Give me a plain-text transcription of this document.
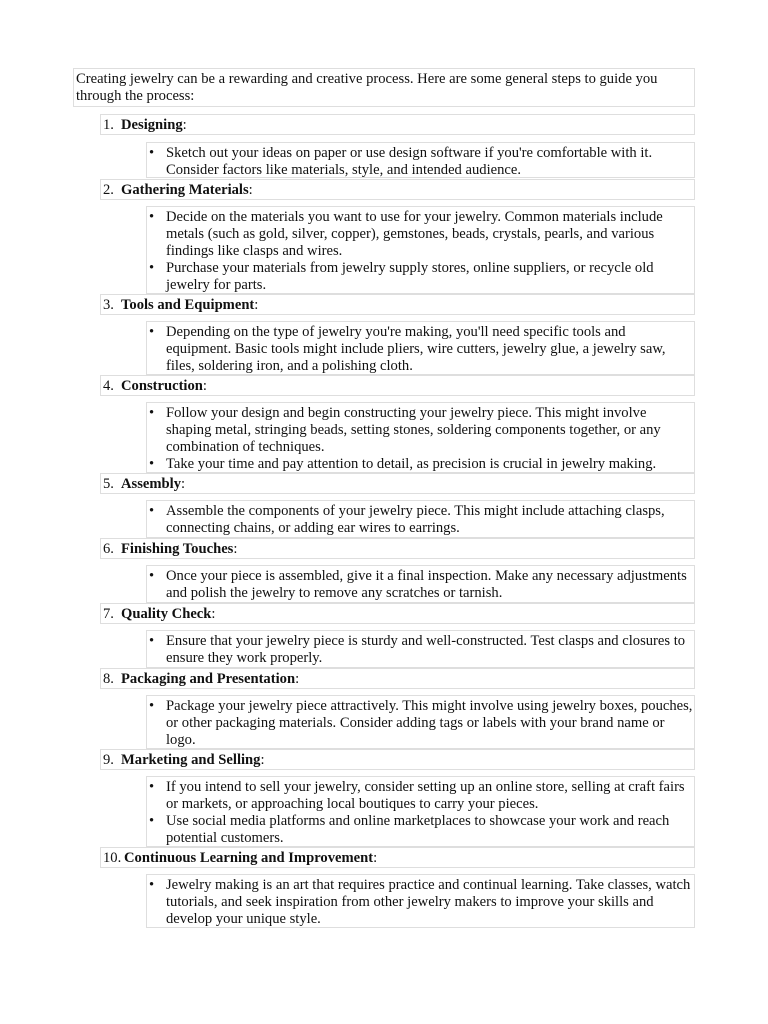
Creating jewelry can be a rewarding and creative process. Here are some general steps to guide you through the process:
1. Designing:
• Sketch out your ideas on paper or use design software if you're comfortable with it. Consider factors like materials, style, and intended audience.
2. Gathering Materials:
• Decide on the materials you want to use for your jewelry. Common materials include metals (such as gold, silver, copper), gemstones, beads, crystals, pearls, and various findings like clasps and wires.
• Purchase your materials from jewelry supply stores, online suppliers, or recycle old jewelry for parts.
3. Tools and Equipment:
• Depending on the type of jewelry you're making, you'll need specific tools and equipment. Basic tools might include pliers, wire cutters, jewelry glue, a jewelry saw, files, soldering iron, and a polishing cloth.
4. Construction:
• Follow your design and begin constructing your jewelry piece. This might involve shaping metal, stringing beads, setting stones, soldering components together, or any combination of techniques.
• Take your time and pay attention to detail, as precision is crucial in jewelry making.
5. Assembly:
• Assemble the components of your jewelry piece. This might include attaching clasps, connecting chains, or adding ear wires to earrings.
6. Finishing Touches:
• Once your piece is assembled, give it a final inspection. Make any necessary adjustments and polish the jewelry to remove any scratches or tarnish.
7. Quality Check:
• Ensure that your jewelry piece is sturdy and well-constructed. Test clasps and closures to ensure they work properly.
8. Packaging and Presentation:
• Package your jewelry piece attractively. This might involve using jewelry boxes, pouches, or other packaging materials. Consider adding tags or labels with your brand name or logo.
9. Marketing and Selling:
• If you intend to sell your jewelry, consider setting up an online store, selling at craft fairs or markets, or approaching local boutiques to carry your pieces.
• Use social media platforms and online marketplaces to showcase your work and reach potential customers.
10. Continuous Learning and Improvement:
• Jewelry making is an art that requires practice and continual learning. Take classes, watch tutorials, and seek inspiration from other jewelry makers to improve your skills and develop your unique style.
